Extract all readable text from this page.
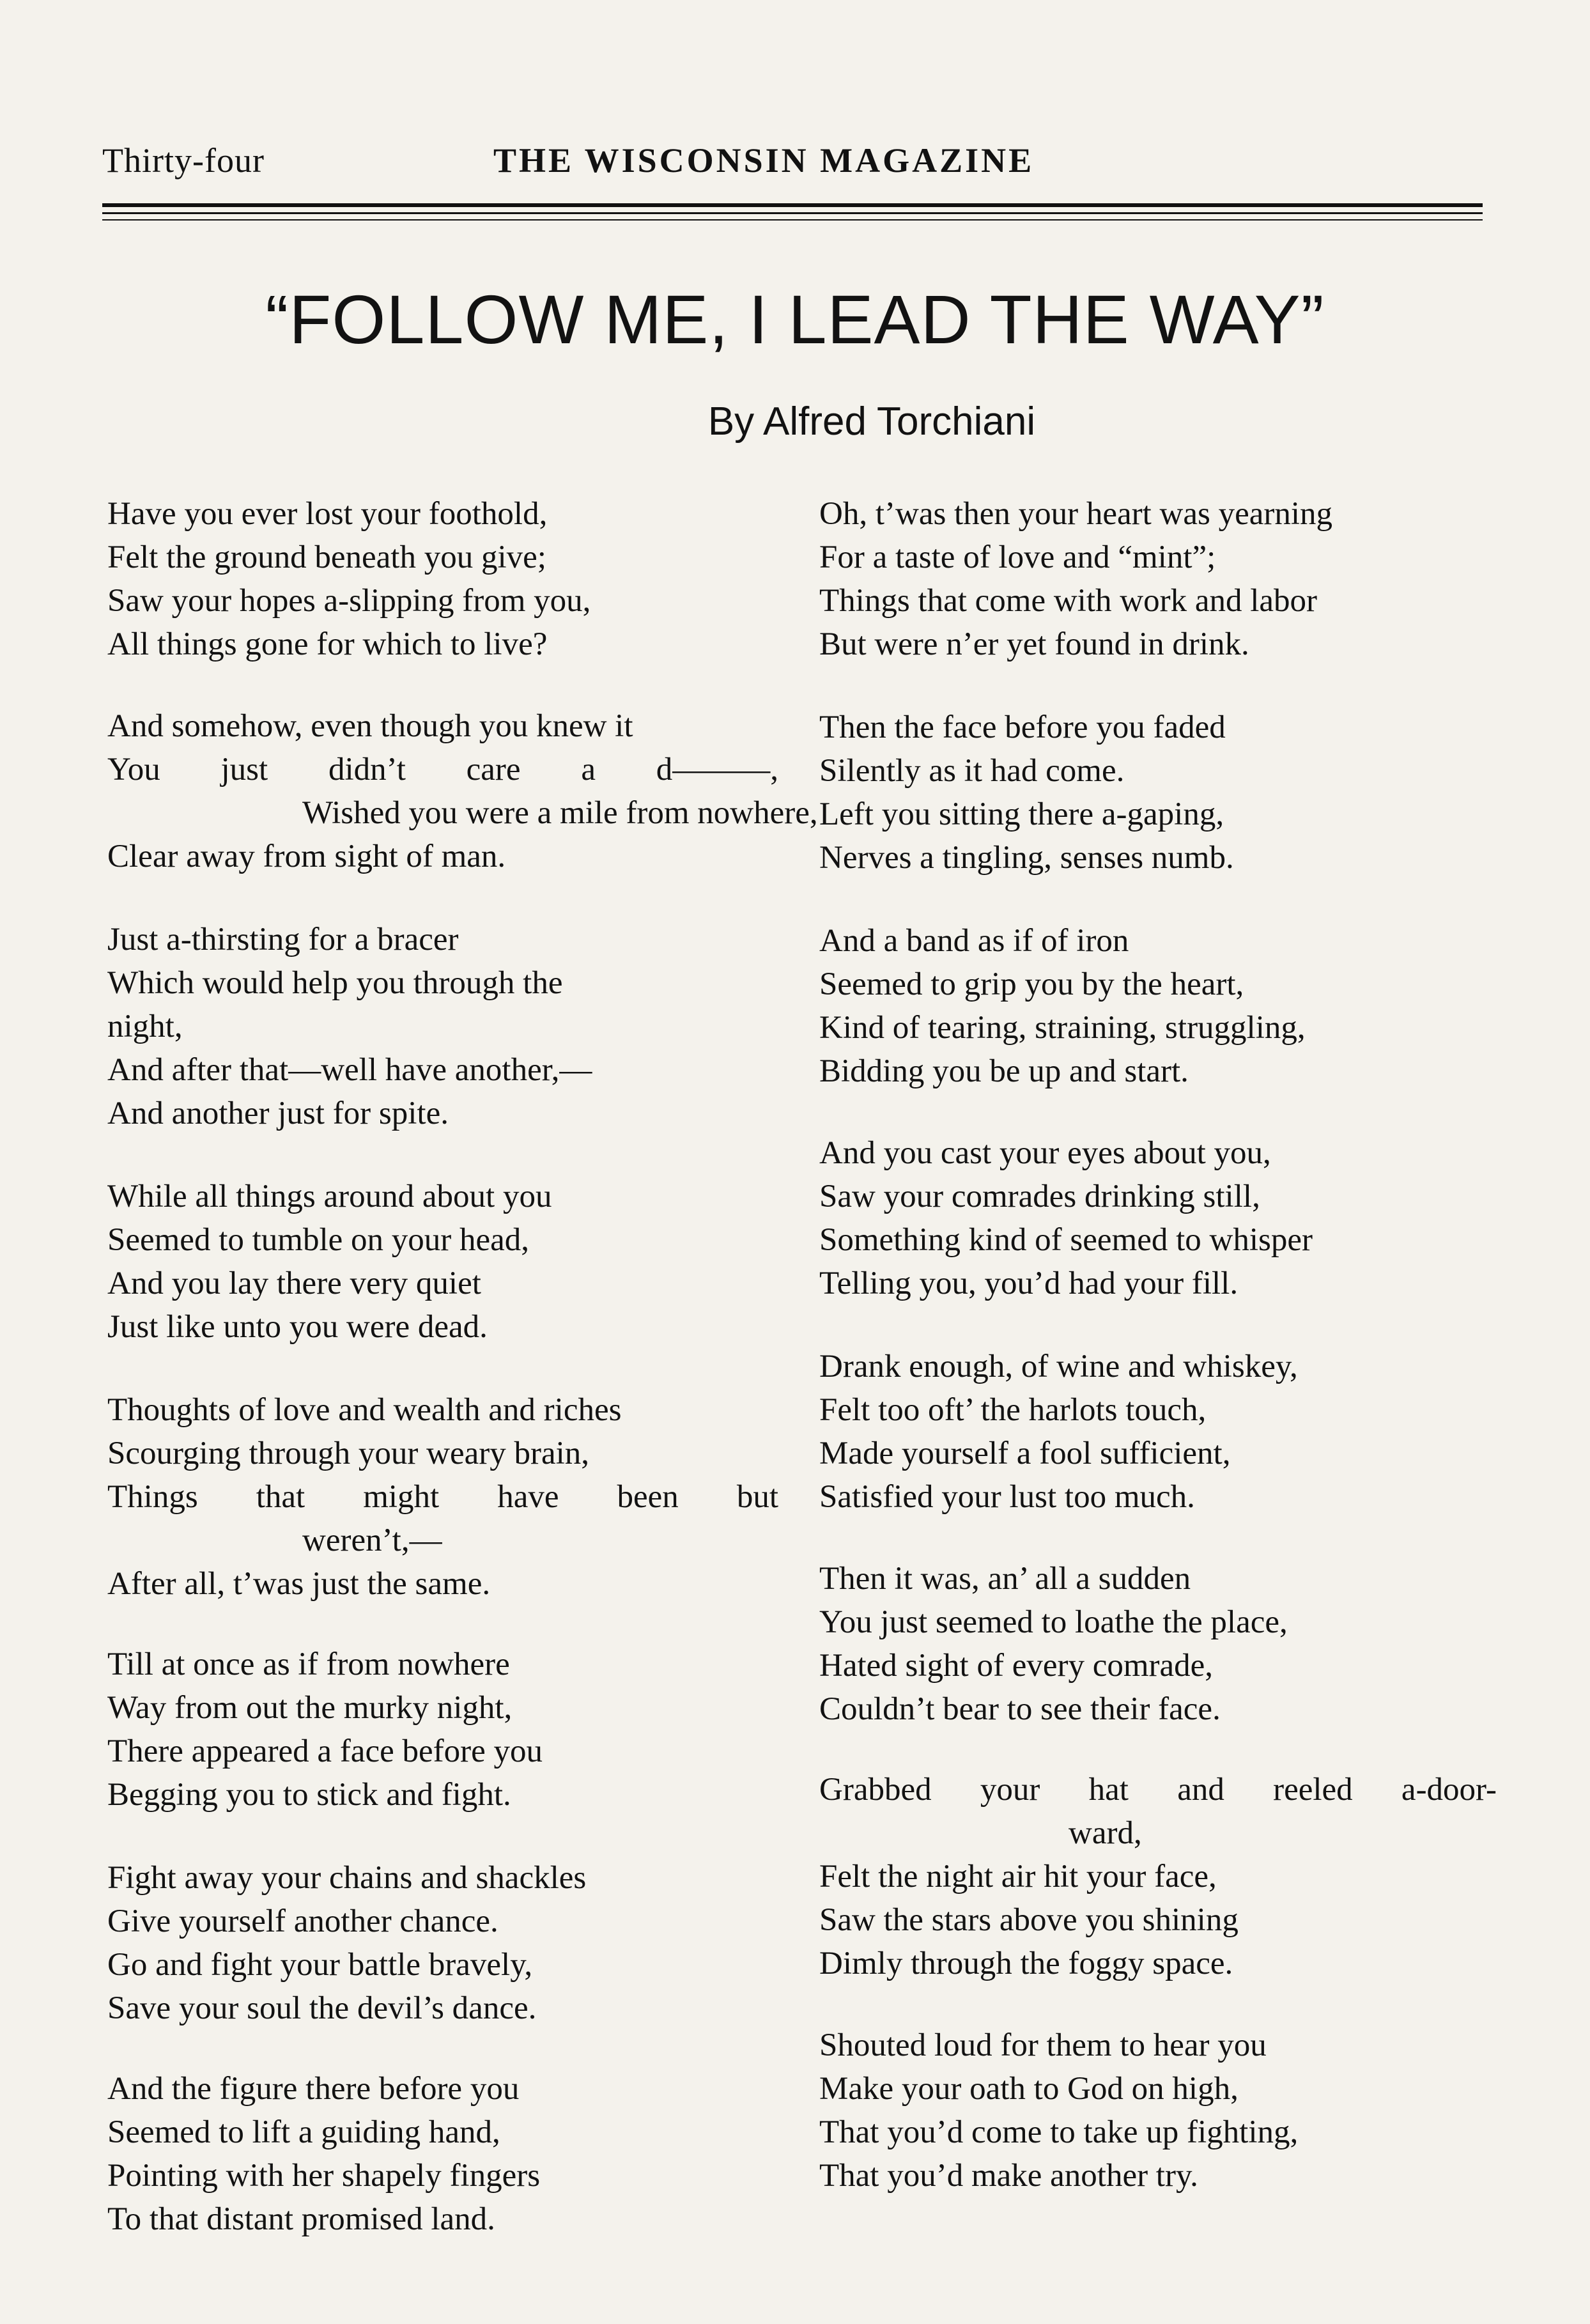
Thirty-four	THE WISCONSIN MAGAZINE
“FOLLOW ME, I LEAD THE WAY”
By Alfred Torchiani
Have you ever lost your foothold,
Felt the ground beneath you give;
Saw your hopes a-slipping from you,
All things gone for which to live?
And somehow, even though you knew it
You just didn’t care a d———,
Wished you were a mile from nowhere,
Clear away from sight of man.
Just a-thirsting for a bracer
Which would help you through the
night,
And after that—well have another,—
And another just for spite.
While all things around about you
Seemed to tumble on your head,
And you lay there very quiet
Just like unto you were dead.
Thoughts of love and wealth and riches
Scourging through your weary brain,
Things that might have been but
weren’t,—
After all, t’was just the same.
Till at once as if from nowhere
Way from out the murky night,
There appeared a face before you
Begging you to stick and fight.
Fight away your chains and shackles
Give yourself another chance.
Go and fight your battle bravely,
Save your soul the devil’s dance.
And the figure there before you
Seemed to lift a guiding hand,
Pointing with her shapely fingers
To that distant promised land.
Oh, t’was then your heart was yearning
For a taste of love and “mint”;
Things that come with work and labor
But were n’er yet found in drink.
Then the face before you faded
Silently as it had come.
Left you sitting there a-gaping,
Nerves a tingling, senses numb.
And a band as if of iron
Seemed to grip you by the heart,
Kind of tearing, straining, struggling,
Bidding you be up and start.
And you cast your eyes about you,
Saw your comrades drinking still,
Something kind of seemed to whisper
Telling you, you’d had your fill.
Drank enough, of wine and whiskey,
Felt too oft’ the harlots touch,
Made yourself a fool sufficient,
Satisfied your lust too much.
Then it was, an’ all a sudden
You just seemed to loathe the place,
Hated sight of every comrade,
Couldn’t bear to see their face.
Grabbed your hat and reeled a-door-
ward,
Felt the night air hit your face,
Saw the stars above you shining
Dimly through the foggy space.
Shouted loud for them to hear you
Make your oath to God on high,
That you’d come to take up fighting,
That you’d make another try.
